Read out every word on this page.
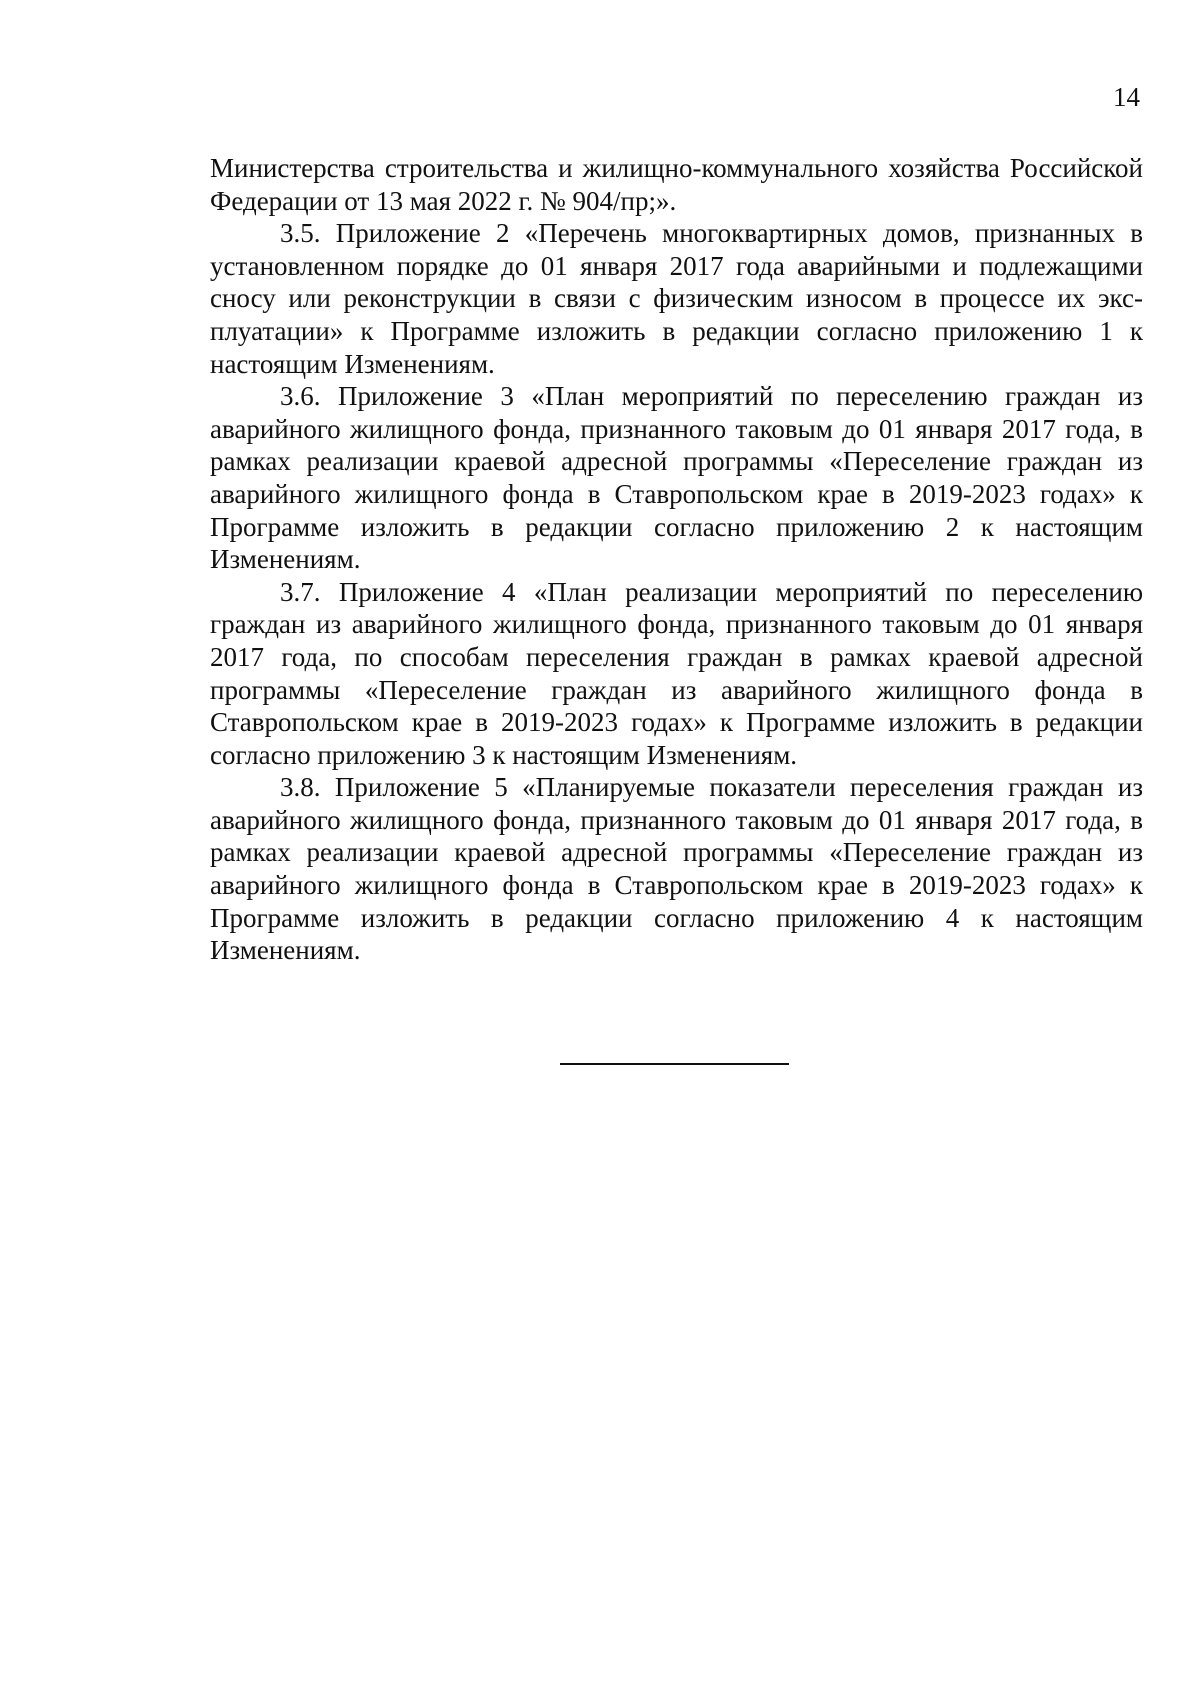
14

Министерства строительства и жилищно-коммунального хозяйства Российской Федерации от 13 мая 2022 г. № 904/пр;».

3.5. Приложение 2 «Перечень многоквартирных домов, признанных в установленном порядке до 01 января 2017 года аварийными и подлежащими сносу или реконструкции в связи с физическим износом в процессе их эксплуатации» к Программе изложить в редакции согласно приложению 1 к настоящим Изменениям.

3.6. Приложение 3 «План мероприятий по переселению граждан из аварийного жилищного фонда, признанного таковым до 01 января 2017 года, в рамках реализации краевой адресной программы «Переселение граждан из аварийного жилищного фонда в Ставропольском крае в 2019-2023 годах» к Программе изложить в редакции согласно приложению 2 к настоящим Изменениям.

3.7. Приложение 4 «План реализации мероприятий по переселению граждан из аварийного жилищного фонда, признанного таковым до 01 января 2017 года, по способам переселения граждан в рамках краевой адресной программы «Переселение граждан из аварийного жилищного фонда в Ставропольском крае в 2019-2023 годах» к Программе изложить в редакции согласно приложению 3 к настоящим Изменениям.

3.8. Приложение 5 «Планируемые показатели переселения граждан из аварийного жилищного фонда, признанного таковым до 01 января 2017 года, в рамках реализации краевой адресной программы «Переселение граждан из аварийного жилищного фонда в Ставропольском крае в 2019-2023 годах» к Программе изложить в редакции согласно приложению 4 к настоящим Изменениям.
